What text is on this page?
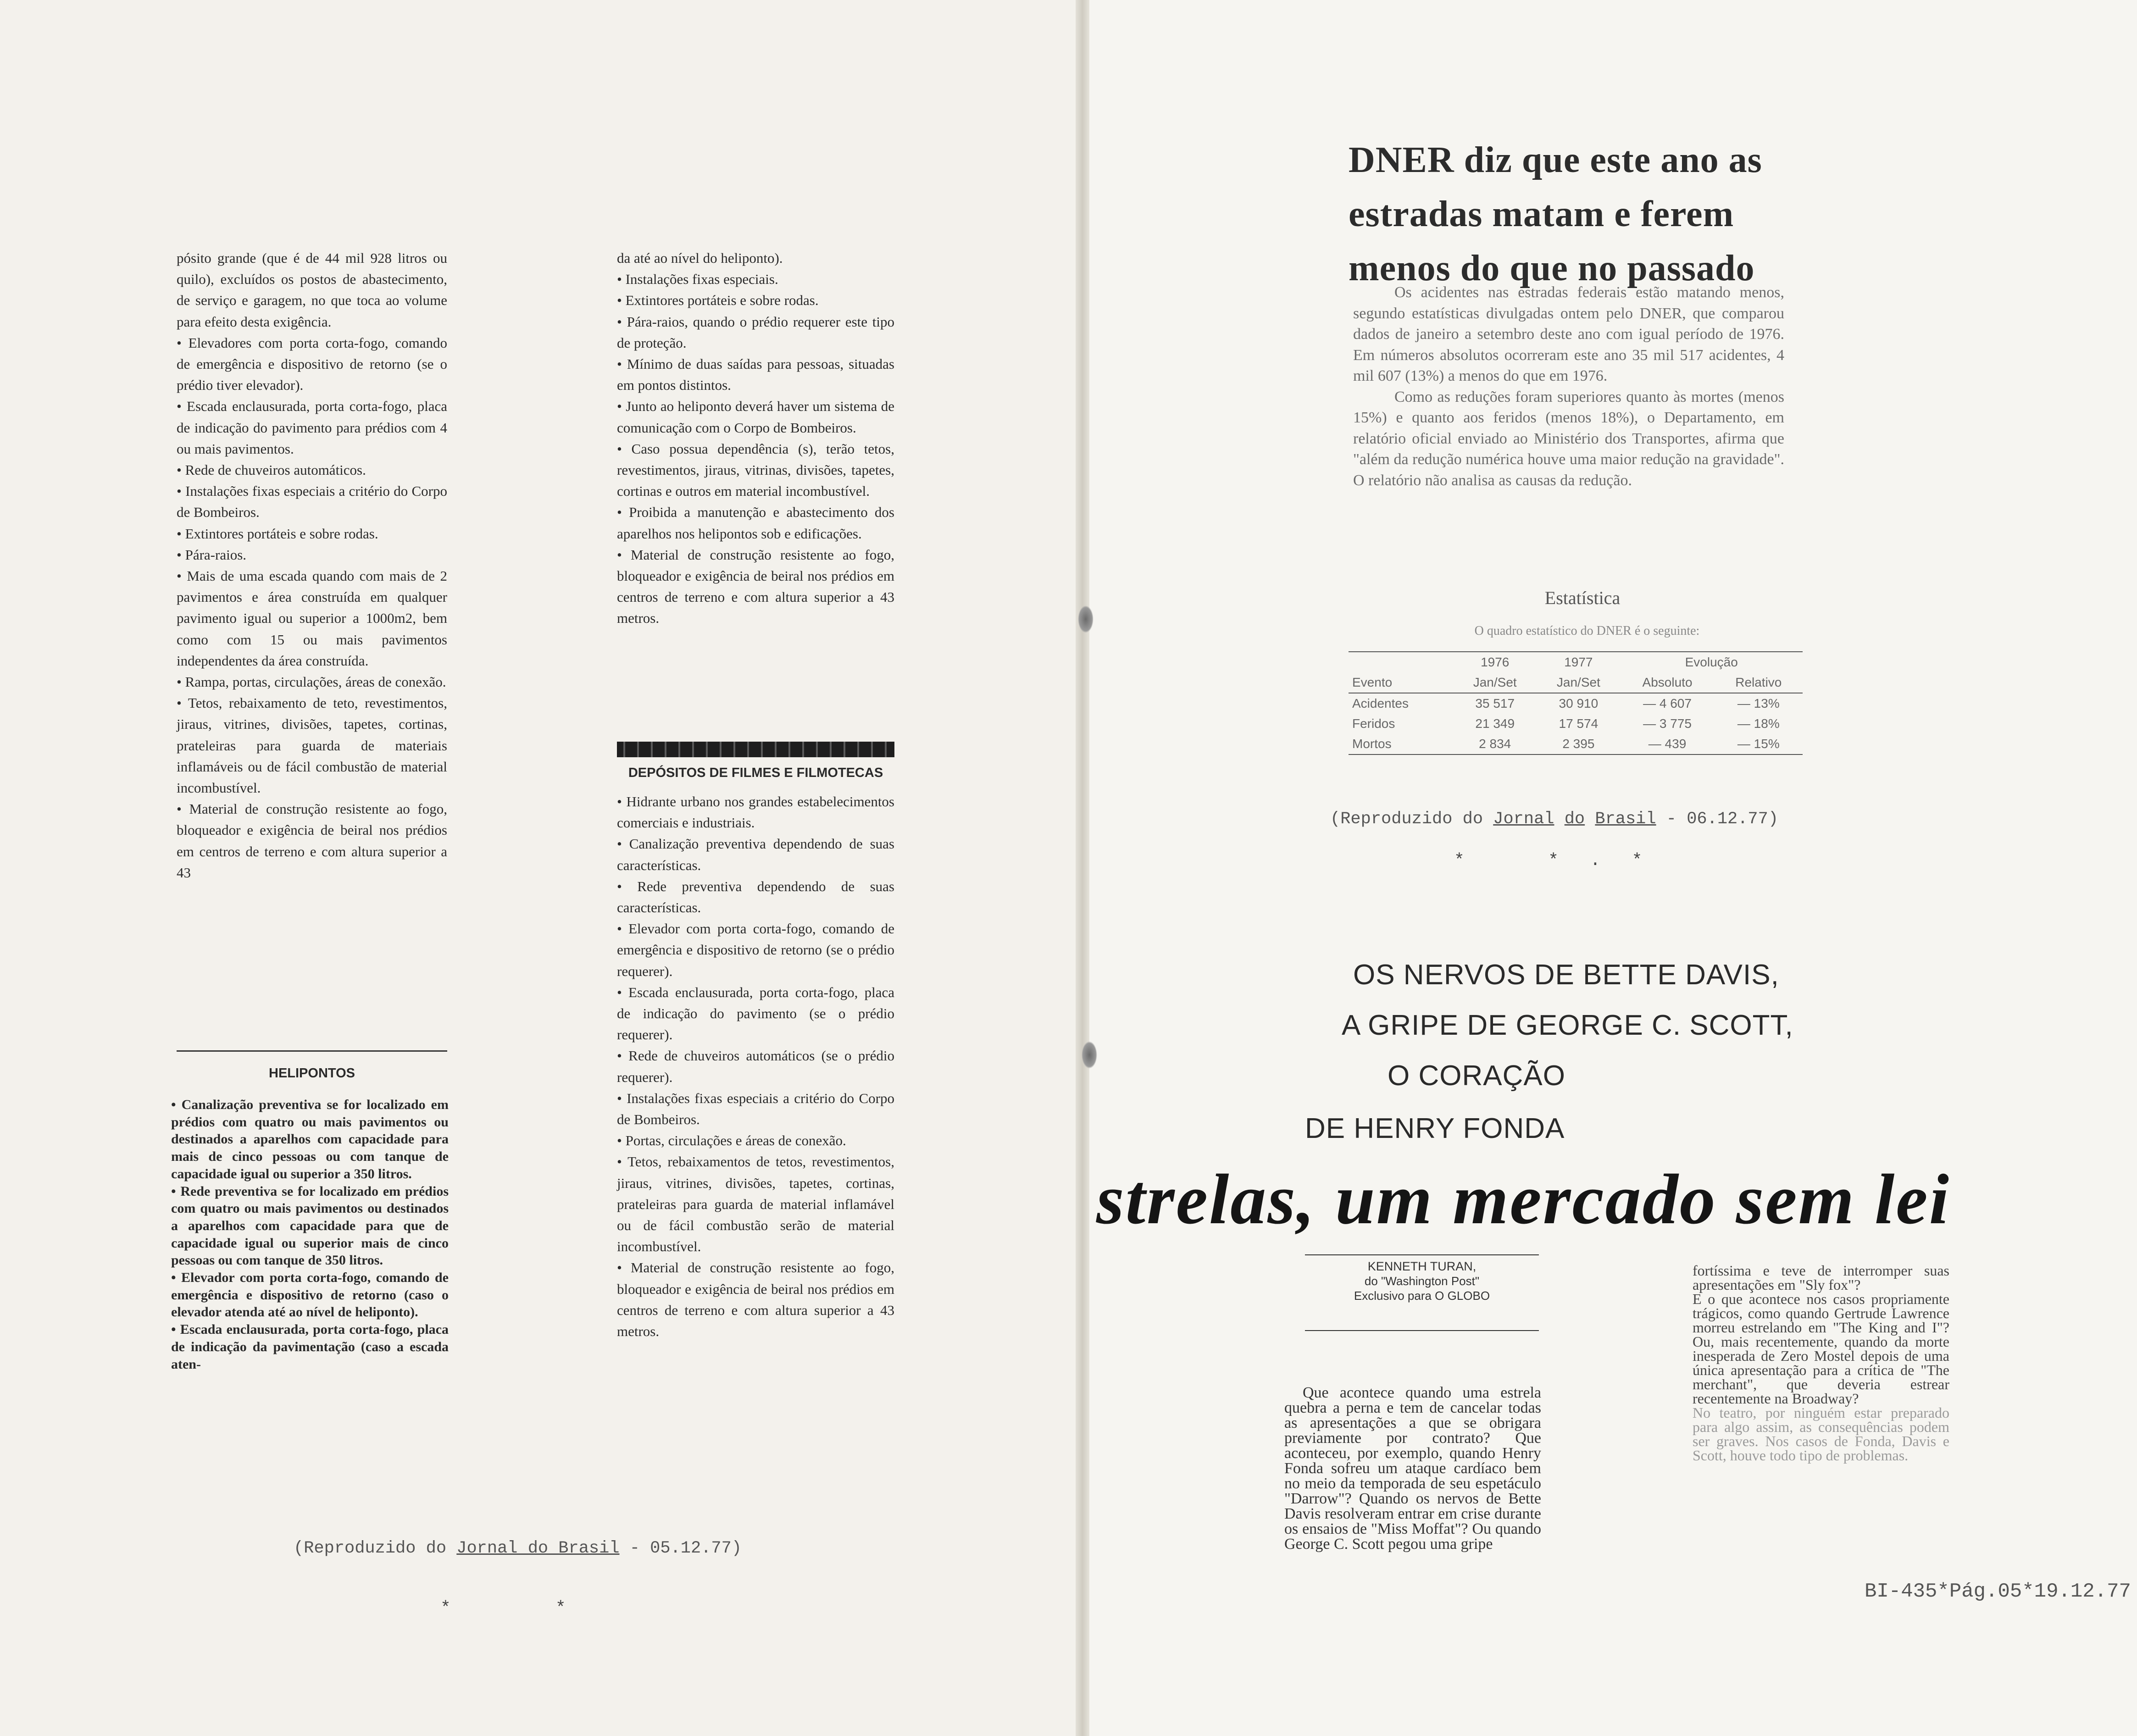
pósito grande (que é de 44 mil 928 litros ou quilo), excluídos os postos de abastecimento, de serviço e garagem, no que toca ao volume para efeito desta exigência.

• Elevadores com porta corta-fogo, comando de emergência e dispositivo de retorno (se o prédio tiver elevador).

• Escada enclausurada, porta corta-fogo, placa de indicação do pavimento para prédios com 4 ou mais pavimentos.

• Rede de chuveiros automáticos.

• Instalações fixas especiais a critério do Corpo de Bombeiros.

• Extintores portáteis e sobre rodas.

• Pára-raios.

• Mais de uma escada quando com mais de 2 pavimentos e área construída em qualquer pavimento igual ou superior a 1000m2, bem como com 15 ou mais pavimentos independentes da área construída.

• Rampa, portas, circulações, áreas de conexão.

• Tetos, rebaixamento de teto, revestimentos, jiraus, vitrines, divisões, tapetes, cortinas, prateleiras para guarda de materiais inflamáveis ou de fácil combustão de material incombustível.

• Material de construção resistente ao fogo, bloqueador e exigência de beiral nos prédios em centros de terreno e com altura superior a 43

HELIPONTOS

• Canalização preventiva se for localizado em prédios com quatro ou mais pavimentos ou destinados a aparelhos com capacidade para mais de cinco pessoas ou com tanque de capacidade igual ou superior a 350 litros.

• Rede preventiva se for localizado em prédios com quatro ou mais pavimentos ou destinados a aparelhos com capacidade para que de capacidade igual ou superior mais de cinco pessoas ou com tanque de 350 litros.

• Elevador com porta corta-fogo, comando de emergência e dispositivo de retorno (caso o elevador atenda até ao nível de heliponto).

• Escada enclausurada, porta corta-fogo, placa de indicação da pavimentação (caso a escada aten-

da até ao nível do heliponto).

• Instalações fixas especiais.

• Extintores portáteis e sobre rodas.

• Pára-raios, quando o prédio requerer este tipo de proteção.

• Mínimo de duas saídas para pessoas, situadas em pontos distintos.

• Junto ao heliponto deverá haver um sistema de comunicação com o Corpo de Bombeiros.

• Caso possua dependência (s), terão tetos, revestimentos, jiraus, vitrinas, divisões, tapetes, cortinas e outros em material incombustível.

• Proibida a manutenção e abastecimento dos aparelhos nos helipontos sob e edificações.

• Material de construção resistente ao fogo, bloqueador e exigência de beiral nos prédios em centros de terreno e com altura superior a 43 metros.

DEPÓSITOS DE FILMES E FILMOTECAS

• Hidrante urbano nos grandes estabelecimentos comerciais e industriais.

• Canalização preventiva dependendo de suas características.

• Rede preventiva dependendo de suas características.

• Elevador com porta corta-fogo, comando de emergência e dispositivo de retorno (se o prédio requerer).

• Escada enclausurada, porta corta-fogo, placa de indicação do pavimento (se o prédio requerer).

• Rede de chuveiros automáticos (se o prédio requerer).

• Instalações fixas especiais a critério do Corpo de Bombeiros.

• Portas, circulações e áreas de conexão.

• Tetos, rebaixamentos de tetos, revestimentos, jiraus, vitrines, divisões, tapetes, cortinas, prateleiras para guarda de material inflamável ou de fácil combustão serão de material incombustível.

• Material de construção resistente ao fogo, bloqueador e exigência de beiral nos prédios em centros de terreno e com altura superior a 43 metros.

(Reproduzido do Jornal do Brasil - 05.12.77)
*          *
DNER diz que este ano as estradas matam e ferem menos do que no passado

Os acidentes nas estradas federais estão matando menos, segundo estatísticas divulgadas ontem pelo DNER, que comparou dados de janeiro a setembro deste ano com igual período de 1976. Em números absolutos ocorreram este ano 35 mil 517 acidentes, 4 mil 607 (13%) a menos do que em 1976.

Como as reduções foram superiores quanto às mortes (menos 15%) e quanto aos feridos (menos 18%), o Departamento, em relatório oficial enviado ao Ministério dos Transportes, afirma que "além da redução numérica houve uma maior redução na gravidade". O relatório não analisa as causas da redução.

Estatística
O quadro estatístico do DNER é o seguinte:
	1976	1977	Evolução	
Evento	Jan/Set	Jan/Set	Absoluto	Relativo
Acidentes	35 517	30 910	— 4 607	— 13%
Feridos	21 349	17 574	— 3 775	— 18%
Mortos	2 834	2 395	— 439	— 15%
(Reproduzido do Jornal do Brasil - 06.12.77)
*        *   .   *
OS NERVOS DE BETTE DAVIS,
A GRIPE DE GEORGE C. SCOTT,
O CORAÇÃO
DE HENRY FONDA
strelas, um mercado sem lei
KENNETH TURAN,
do "Washington Post"
Exclusivo para O GLOBO

Que acontece quando uma estrela quebra a perna e tem de cancelar todas as apresentações a que se obrigara previamente por contrato? Que aconteceu, por exemplo, quando Henry Fonda sofreu um ataque cardíaco bem no meio da temporada de seu espetáculo "Darrow"? Quando os nervos de Bette Davis resolveram entrar em crise durante os ensaios de "Miss Moffat"? Ou quando George C. Scott pegou uma gripe

fortíssima e teve de interromper suas apresentações em "Sly fox"?

E o que acontece nos casos propriamente trágicos, como quando Gertrude Lawrence morreu estrelando em "The King and I"? Ou, mais recentemente, quando da morte inesperada de Zero Mostel depois de uma única apresentação para a crítica de "The merchant", que deveria estrear recentemente na Broadway?

No teatro, por ninguém estar preparado para algo assim, as consequências podem ser graves. Nos casos de Fonda, Davis e Scott, houve todo tipo de problemas.

BI-435*Pág.05*19.12.77
